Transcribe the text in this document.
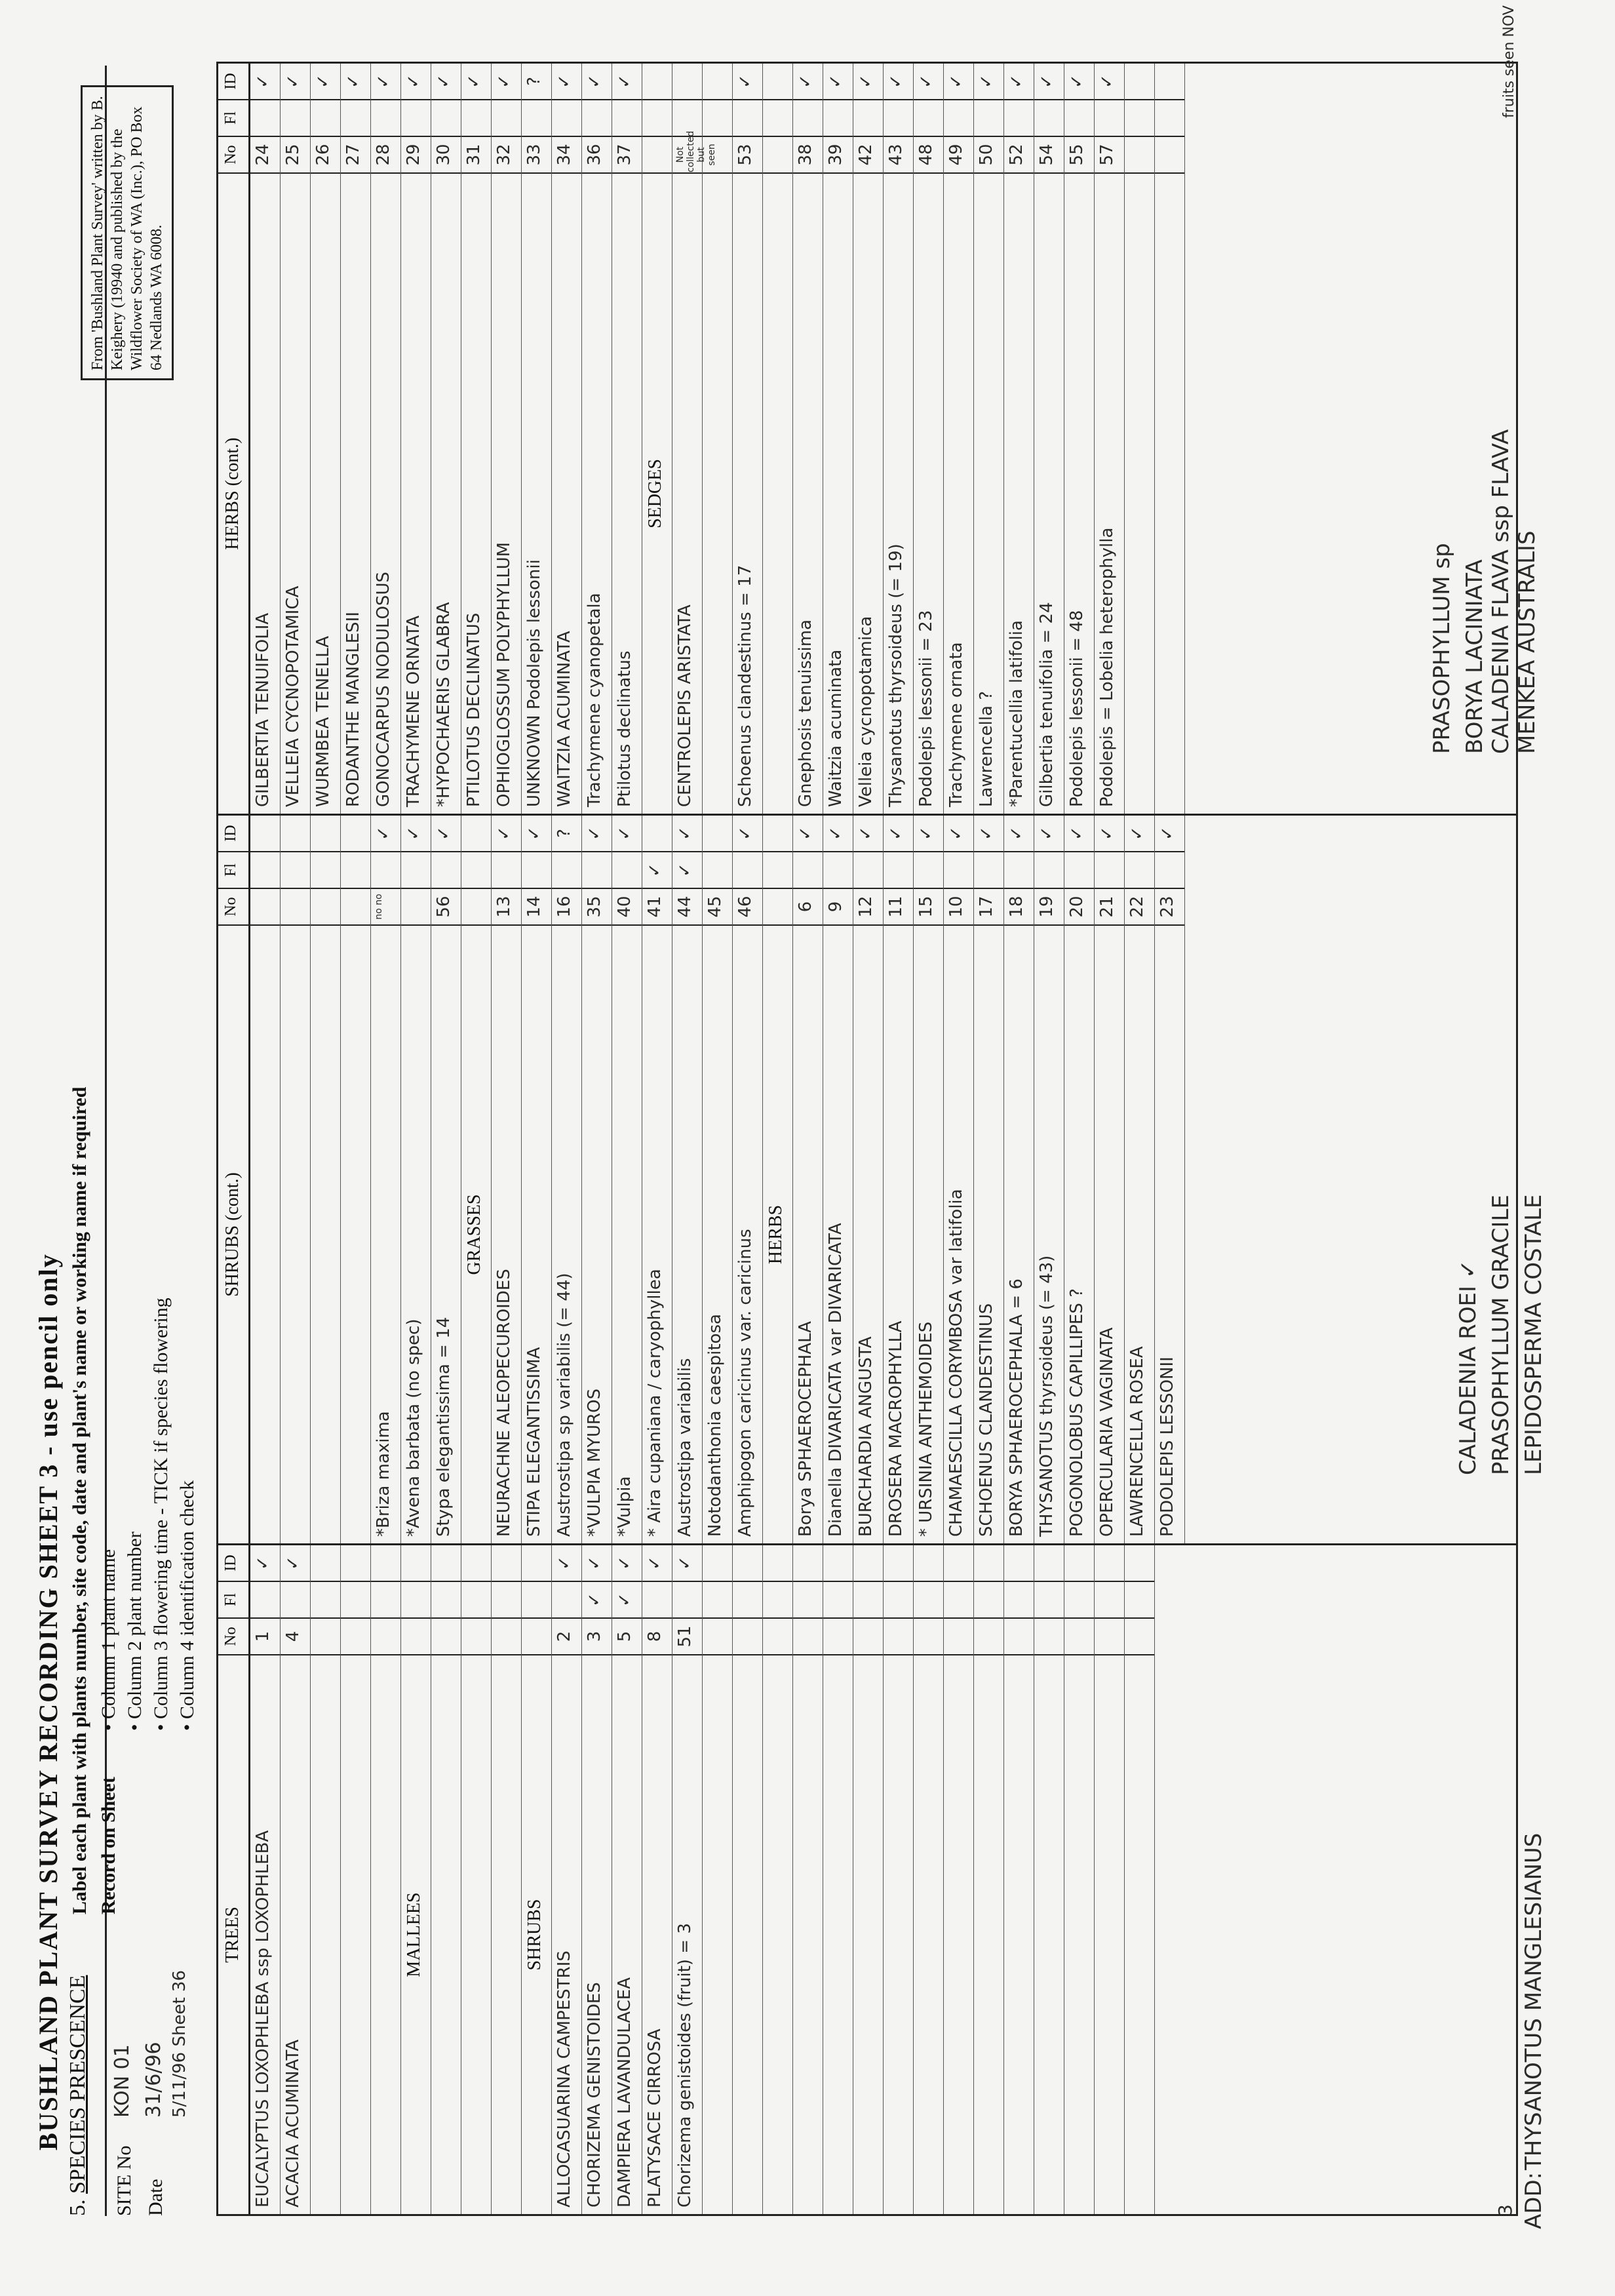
BUSHLAND PLANT SURVEY RECORDING SHEET 3 - use pencil only
5. SPECIES PRESCENCE SITE No
KON 01
Date
31/6/96 5/11/96 Sheet 36
Label each plant with plants number, site code, date and plant's name or working name if required Record on Sheet
• Column 1 plant name • Column 2 plant number • Column 3 flowering time - TICK if species flowering • Column 4 identification check
From 'Bushland Plant Survey' written by B. Keighery (19940 and published by the Wildflower Society of WA (Inc.), PO Box 64 Nedlands WA 6008.
TREES
No
Fl
ID
EUCALYPTUS LOXOPHLEBA ssp LOXOPHLEBA
1
✓
ACACIA ACUMINATA
4
✓
MALLEES	SHRUBS
ALLOCASUARINA CAMPESTRIS
2
✓
CHORIZEMA GENISTOIDES
3
✓
✓
DAMPIERA LAVANDULACEA
5
✓
✓
PLATYSACE CIRROSA
8
✓
Chorizema genistoides (fruit) = 3
51
✓
SHRUBS (cont.)
No
Fl
ID
*Briza maxima
no no
✓
*Avena barbata (no spec)
✓
Stypa elegantissima = 14
56
✓
GRASSES
NEURACHNE ALEOPECUROIDES
13
✓
STIPA ELEGANTISSIMA
14
✓
Austrostipa sp variabilis (= 44)
16
?
*VULPIA MYUROS
35
✓
*Vulpia
40
✓
* Aira cupaniana / caryophyllea
41
✓
Austrostipa variabilis
44
✓
✓
Notodanthonia caespitosa
45
Amphipogon caricinus var. caricinus
46
✓
HERBS
Borya SPHAEROCEPHALA
6
✓
Dianella DIVARICATA var DIVARICATA
9
✓
BURCHARDIA ANGUSTA
12
✓
DROSERA MACROPHYLLA
11
✓
* URSINIA ANTHEMOIDES
15
✓
CHAMAESCILLA CORYMBOSA var latifolia
10
✓
SCHOENUS CLANDESTINUS
17
✓
BORYA SPHAEROCEPHALA = 6
18
✓
THYSANOTUS thyrsoideus (= 43)
19
✓
POGONOLOBUS CAPILLIPES ?
20
✓
OPERCULARIA VAGINATA
21
✓
LAWRENCELLA ROSEA
22
✓
PODOLEPIS LESSONII
23
✓
HERBS (cont.)
No
Fl
ID
GILBERTIA TENUIFOLIA
24
✓
VELLEIA CYCNOPOTAMICA
25
✓
WURMBEA TENELLA
26
✓
RODANTHE MANGLESII
27
✓
GONOCARPUS NODULOSUS
28
✓
TRACHYMENE ORNATA
29
✓
*HYPOCHAERIS GLABRA
30
✓
PTILOTUS DECLINATUS
31
✓
OPHIOGLOSSUM POLYPHYLLUM
32
✓
UNKNOWN Podolepis lessonii
33
?
WAITZIA ACUMINATA
34
✓
Trachymene cyanopetala
36
✓
Ptilotus declinatus
37
✓
SEDGES
CENTROLEPIS ARISTATA
Not collected but seen
Schoenus clandestinus = 17
53
✓
Gnephosis tenuissima
38
✓
Waitzia acuminata
39
✓
Velleia cycnopotamica
42
✓
Thysanotus thyrsoideus (= 19)
43
✓
Podolepis lessonii = 23
48
✓
Trachymene ornata
49
✓
Lawrencella ?
50
✓
*Parentucellia latifolia
52
✓
Gilbertia tenuifolia = 24
54
✓
Podolepis lessonii = 48
55
✓
Podolepis = Lobelia heterophylla
57
✓
ADD:
THYSANOTUS MANGLESIANUS
CALADENIA ROEI ✓ PRASOPHYLLUM GRACILE LEPIDOSPERMA COSTALE
PRASOPHYLLUM sp BORYA LACINIATA CALADENIA FLAVA ssp FLAVA MENKEA AUSTRALIS
fruits seen NOV
3
